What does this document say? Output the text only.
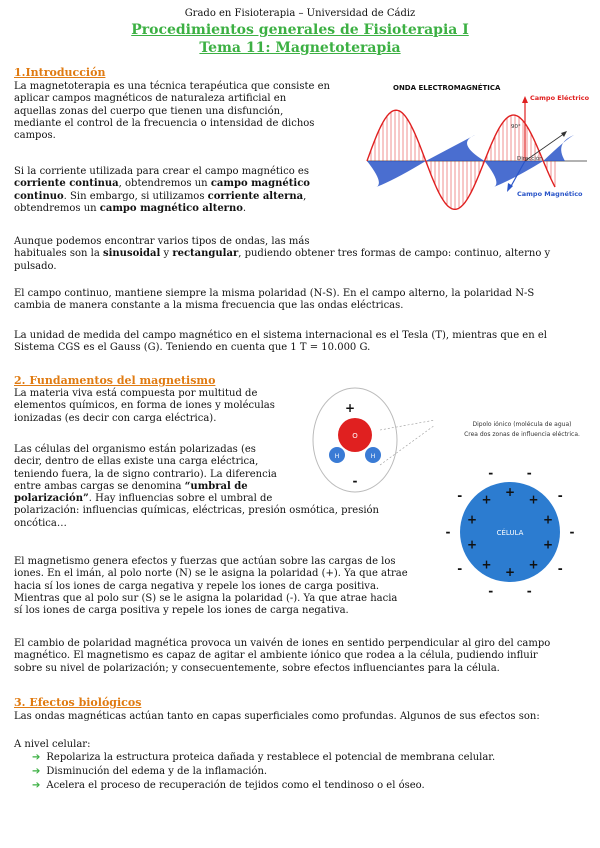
Grado en Fisioterapia – Universidad de Cádiz
Procedimientos generales de Fisioterapia I
Tema 11: Magnetoterapia
1.Introducción
La magnetoterapia es una técnica terapéutica que consiste en
aplicar campos magnéticos de naturaleza artificial en
aquellas zonas del cuerpo que tienen una disfunción,
mediante el control de la frecuencia o intensidad de dichos
campos.
Si la corriente utilizada para crear el campo magnético es
corriente continua, obtendremos un campo magnético
continuo. Sin embargo, si utilizamos corriente alterna,
obtendremos un campo magnético alterno.
Aunque podemos encontrar varios tipos de ondas, las más
habituales son la sinusoidal y rectangular, pudiendo obtener tres formas de campo: continuo, alterno y
pulsado.
El campo continuo, mantiene siempre la misma polaridad (N-S). En el campo alterno, la polaridad N-S
cambia de manera constante a la misma frecuencia que las ondas eléctricas.
La unidad de medida del campo magnético en el sistema internacional es el Tesla (T), mientras que en el
Sistema CGS es el Gauss (G). Teniendo en cuenta que 1 T = 10.000 G.
ONDA ELECTROMAGNÉTICA
Campo Eléctrico
Dirección
90°
Campo Magnético
2. Fundamentos del magnetismo
La materia viva está compuesta por multitud de
elementos químicos, en forma de iones y moléculas
ionizadas (es decir con carga eléctrica).
Las células del organismo están polarizadas (es
decir, dentro de ellas existe una carga eléctrica,
teniendo fuera, la de signo contrario). La diferencia
entre ambas cargas se denomina “umbral de
polarización”. Hay influencias sobre el umbral de
polarización: influencias químicas, eléctricas, presión osmótica, presión
oncótica…
El magnetismo genera efectos y fuerzas que actúan sobre las cargas de los
iones. En el imán, al polo norte (N) se le asigna la polaridad (+). Ya que atrae
hacia sí los iones de carga negativa y repele los iones de carga positiva.
Mientras que al polo sur (S) se le asigna la polaridad (-). Ya que atrae hacia
sí los iones de carga positiva y repele los iones de carga negativa.
El cambio de polaridad magnética provoca un vaivén de iones en sentido perpendicular al giro del campo
magnético. El magnetismo es capaz de agitar el ambiente iónico que rodea a la célula, pudiendo influir
sobre su nivel de polarización; y consecuentemente, sobre efectos influenciantes para la célula.
O
H	H
+
-
Dipolo iónico (molécula de agua)
Crea dos zonas de influencia eléctrica.
CÉLULA
+
-
+ -
+
-
+
-
+
-
+
-
+
-
+
-
+
- +
-
3. Efectos biológicos
Las ondas magnéticas actúan tanto en capas superficiales como profundas. Algunos de sus efectos son:
A nivel celular:
➔ Repolariza la estructura proteica dañada y restablece el potencial de membrana celular.
➔ Disminución del edema y de la inflamación.
➔ Acelera el proceso de recuperación de tejidos como el tendinoso o el óseo.
